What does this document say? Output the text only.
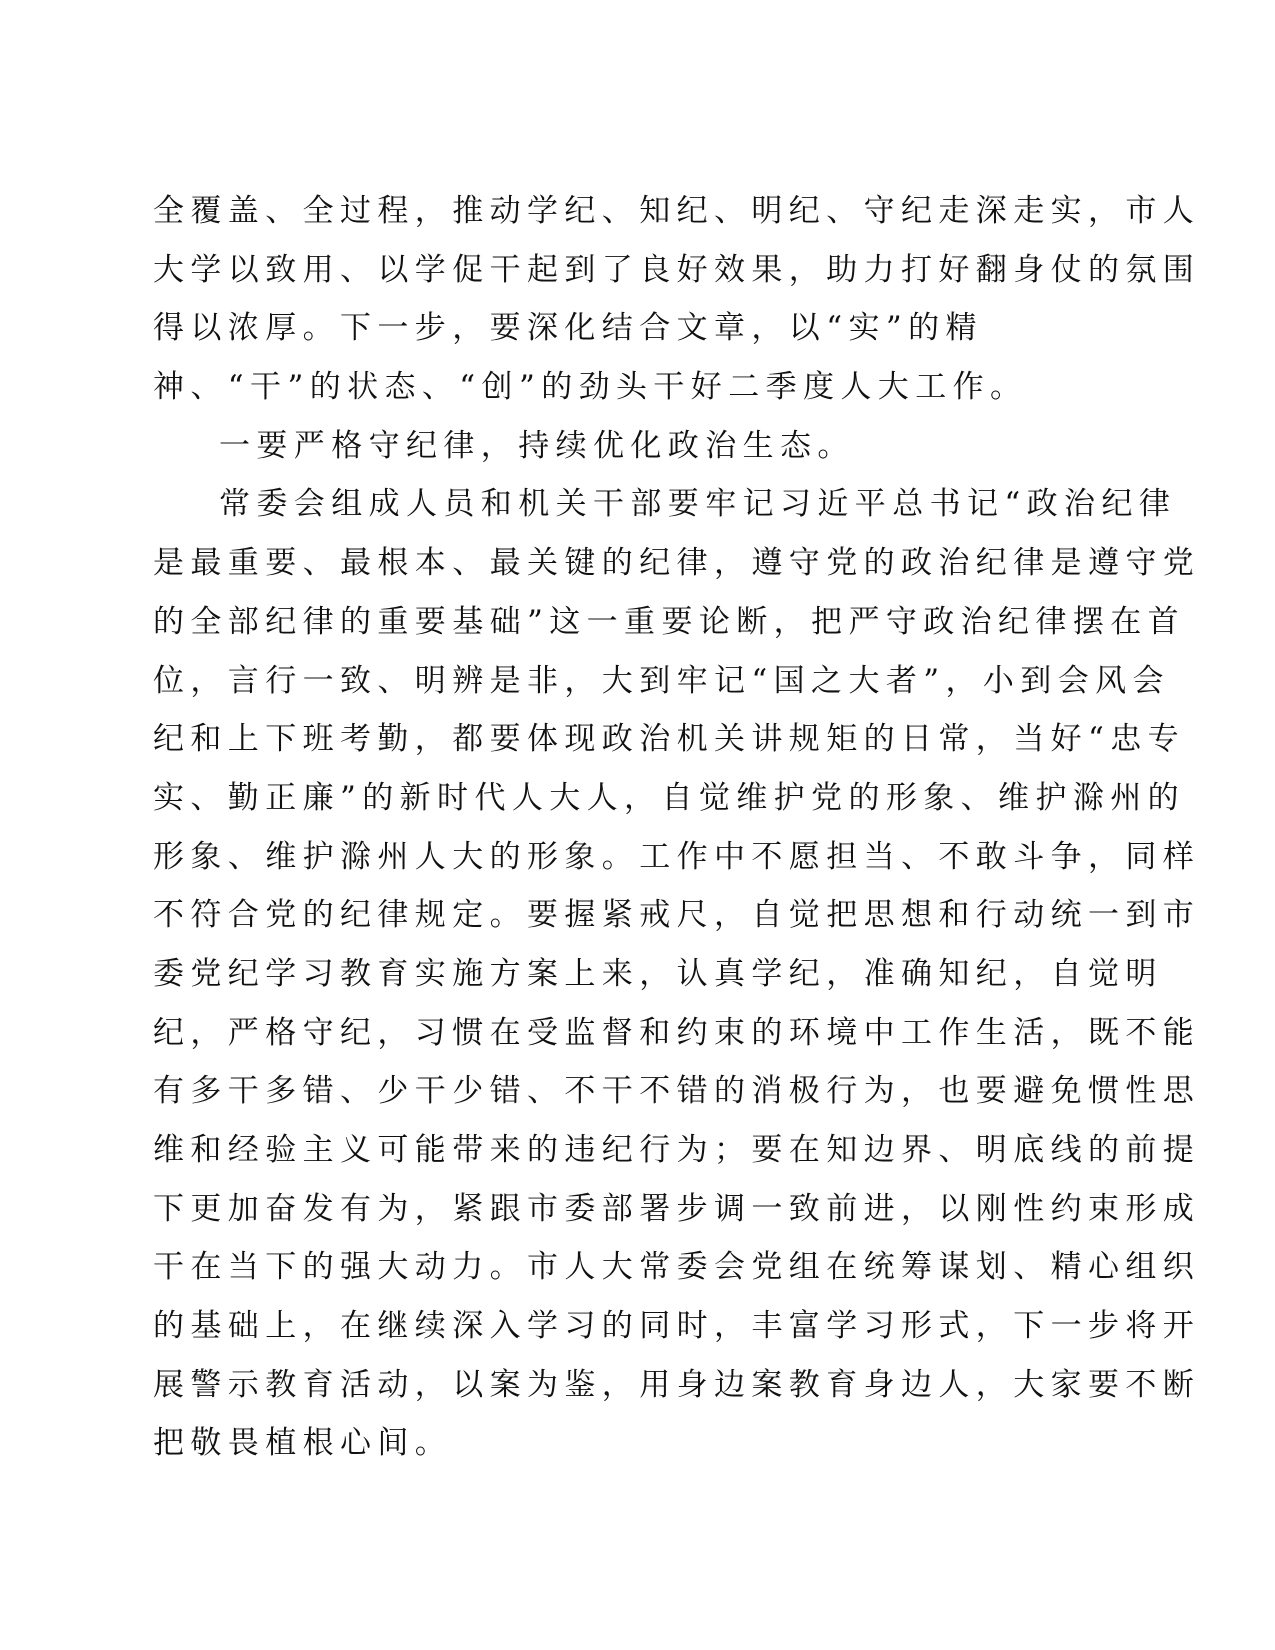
全覆盖、全过程，推动学纪、知纪、明纪、守纪走深走实，市人
大学以致用、以学促干起到了良好效果，助力打好翻身仗的氛围
得以浓厚。下一步，要深化结合文章，以“实”的精
神、“干”的状态、“创”的劲头干好二季度人大工作。
一要严格守纪律，持续优化政治生态。
常委会组成人员和机关干部要牢记习近平总书记“政治纪律
是最重要、最根本、最关键的纪律，遵守党的政治纪律是遵守党
的全部纪律的重要基础”这一重要论断，把严守政治纪律摆在首
位，言行一致、明辨是非，大到牢记“国之大者”，小到会风会
纪和上下班考勤，都要体现政治机关讲规矩的日常，当好“忠专
实、勤正廉”的新时代人大人，自觉维护党的形象、维护滁州的
形象、维护滁州人大的形象。工作中不愿担当、不敢斗争，同样
不符合党的纪律规定。要握紧戒尺，自觉把思想和行动统一到市
委党纪学习教育实施方案上来，认真学纪，准确知纪，自觉明
纪，严格守纪，习惯在受监督和约束的环境中工作生活，既不能
有多干多错、少干少错、不干不错的消极行为，也要避免惯性思
维和经验主义可能带来的违纪行为；要在知边界、明底线的前提
下更加奋发有为，紧跟市委部署步调一致前进，以刚性约束形成
干在当下的强大动力。市人大常委会党组在统筹谋划、精心组织
的基础上，在继续深入学习的同时，丰富学习形式，下一步将开
展警示教育活动，以案为鉴，用身边案教育身边人，大家要不断
把敬畏植根心间。
